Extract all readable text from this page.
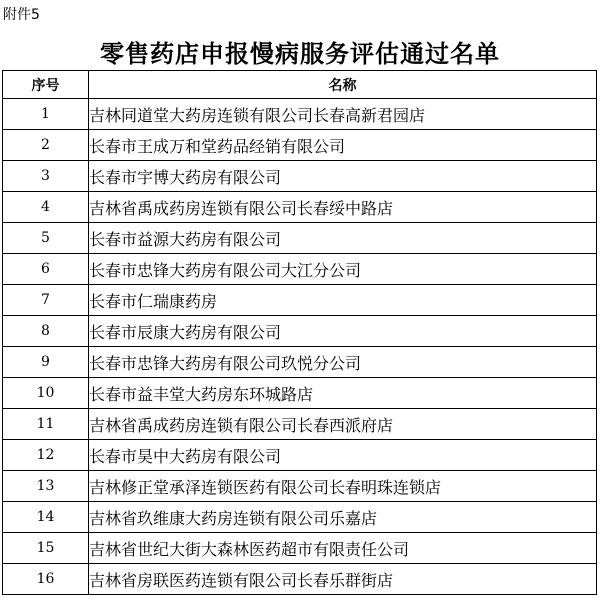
附件5
零售药店申报慢病服务评估通过名单
序号	名称
1	吉林同道堂大药房连锁有限公司长春高新君园店
2	长春市王成万和堂药品经销有限公司
3	长春市宇博大药房有限公司
4	吉林省禹成药房连锁有限公司长春绥中路店
5	长春市益源大药房有限公司
6	长春市忠锋大药房有限公司大江分公司
7	长春市仁瑞康药房
8	长春市辰康大药房有限公司
9	长春市忠锋大药房有限公司玖悦分公司
10	长春市益丰堂大药房东环城路店
11	吉林省禹成药房连锁有限公司长春西派府店
12	长春市昊中大药房有限公司
13	吉林修正堂承泽连锁医药有限公司长春明珠连锁店
14	吉林省玖维康大药房连锁有限公司乐嘉店
15	吉林省世纪大街大森林医药超市有限责任公司
16	吉林省房联医药连锁有限公司长春乐群街店
